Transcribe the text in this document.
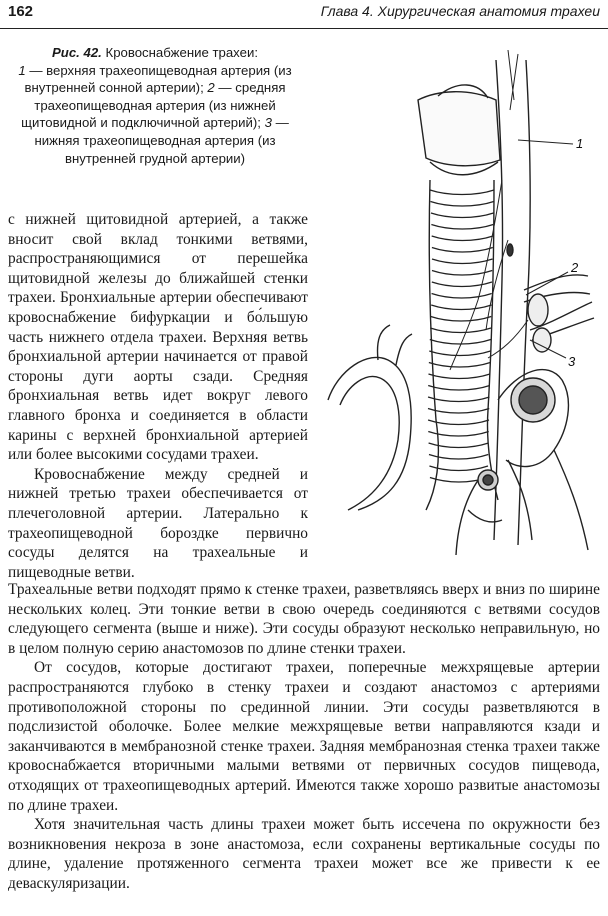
162	Глава 4. Хирургическая анатомия трахеи
Рис. 42. Кровоснабжение трахеи:
1 — верхняя трахеопищеводная артерия (из внутренней сонной артерии); 2 — средняя трахеопищеводная артерия (из нижней щитовидной и подключичной артерий); 3 — нижняя трахеопищеводная артерия (из внутренней грудной артерии)
1
2
3

с нижней щитовидной артерией, а также вносит свой вклад тонкими ветвями, распространяющимися от перешейка щитовидной железы до ближайшей стенки трахеи. Бронхиальные артерии обеспечивают кровоснабжение бифуркации и бо́льшую часть нижнего отдела трахеи. Верхняя ветвь бронхиальной артерии начинается от правой стороны дуги аорты сзади. Средняя бронхиальная ветвь идет вокруг левого главного бронха и соединяется в области карины с верхней бронхиальной артерией или более высокими сосудами трахеи.

Кровоснабжение между средней и нижней третью трахеи обеспечивается от плечеголовной артерии. Латерально к трахеопищеводной бороздке первично сосуды делятся на трахеальные и пищеводные ветви.

Трахеальные ветви подходят прямо к стенке трахеи, разветвляясь вверх и вниз по ширине нескольких колец. Эти тонкие ветви в свою очередь соединяются с ветвями сосудов следующего сегмента (выше и ниже). Эти сосуды образуют несколько неправильную, но в целом полную серию анастомозов по длине стенки трахеи.

От сосудов, которые достигают трахеи, поперечные межхрящевые артерии распространяются глубоко в стенку трахеи и создают анастомоз с артериями противоположной стороны по срединной линии. Эти сосуды разветвляются в подслизистой оболочке. Более мелкие межхрящевые ветви направляются кзади и заканчиваются в мембранозной стенке трахеи. Задняя мембранозная стенка трахеи также кровоснабжается вторичными малыми ветвями от первичных сосудов пищевода, отходящих от трахеопищеводных артерий. Имеются также хорошо развитые анастомозы по длине трахеи.

Хотя значительная часть длины трахеи может быть иссечена по окружности без возникновения некроза в зоне анастомоза, если сохранены вертикальные сосуды по длине, удаление протяженного сегмента трахеи может все же привести к ее деваскуляризации.
